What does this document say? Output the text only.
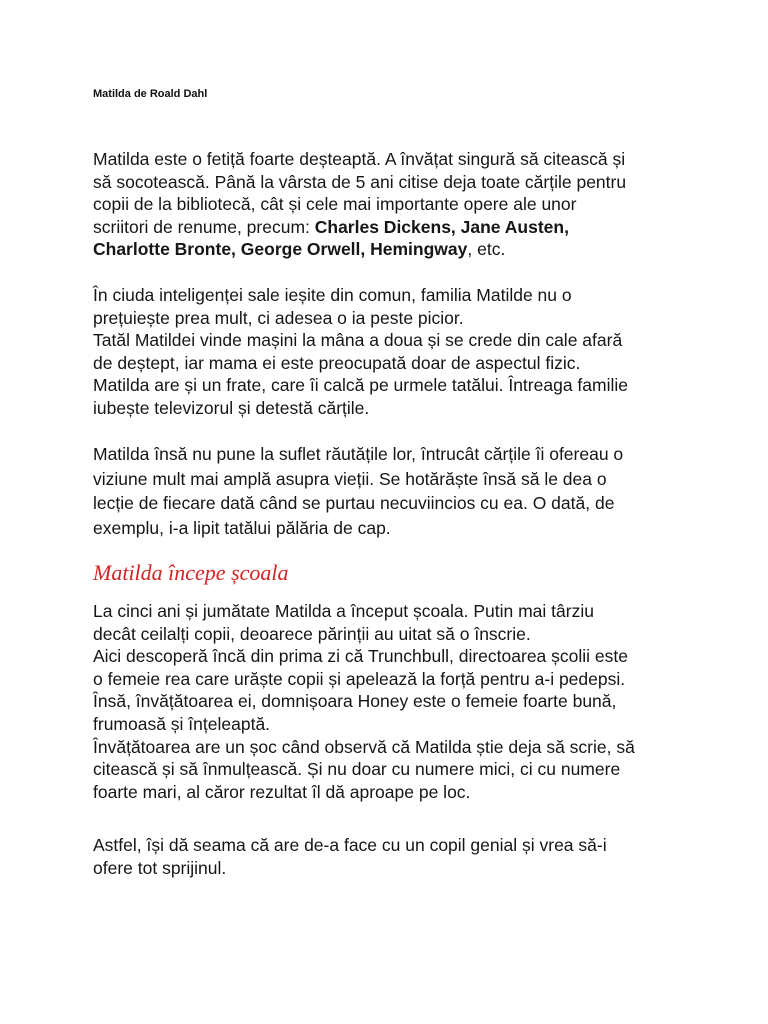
Matilda de Roald Dahl
Matilda este o fetiță foarte deșteaptă. A învățat singură să citească și
să socotească. Până la vârsta de 5 ani citise deja toate cărțile pentru
copii de la bibliotecă, cât și cele mai importante opere ale unor
scriitori de renume, precum: Charles Dickens, Jane Austen,
Charlotte Bronte, George Orwell, Hemingway, etc.
În ciuda inteligenței sale ieșite din comun, familia Matilde nu o
prețuiește prea mult, ci adesea o ia peste picior.
Tatăl Matildei vinde mașini la mâna a doua și se crede din cale afară
de deștept, iar mama ei este preocupată doar de aspectul fizic.
Matilda are și un frate, care îi calcă pe urmele tatălui. Întreaga familie
iubește televizorul și detestă cărțile.
Matilda însă nu pune la suflet răutățile lor, întrucât cărțile îi ofereau o
viziune mult mai amplă asupra vieții. Se hotărăște însă să le dea o
lecție de fiecare dată când se purtau necuviincios cu ea. O dată, de
exemplu, i-a lipit tatălui pălăria de cap.
Matilda începe școala
La cinci ani și jumătate Matilda a început școala. Putin mai târziu
decât ceilalți copii, deoarece părinții au uitat să o înscrie.
Aici descoperă încă din prima zi că Trunchbull, directoarea școlii este
o femeie rea care urăște copii și apelează la forță pentru a-i pedepsi.
Însă, învățătoarea ei, domnișoara Honey este o femeie foarte bună,
frumoasă și înțeleaptă.
Învățătoarea are un șoc când observă că Matilda știe deja să scrie, să
citească și să înmulțească. Și nu doar cu numere mici, ci cu numere
foarte mari, al căror rezultat îl dă aproape pe loc.
Astfel, își dă seama că are de-a face cu un copil genial și vrea să-i
ofere tot sprijinul.
